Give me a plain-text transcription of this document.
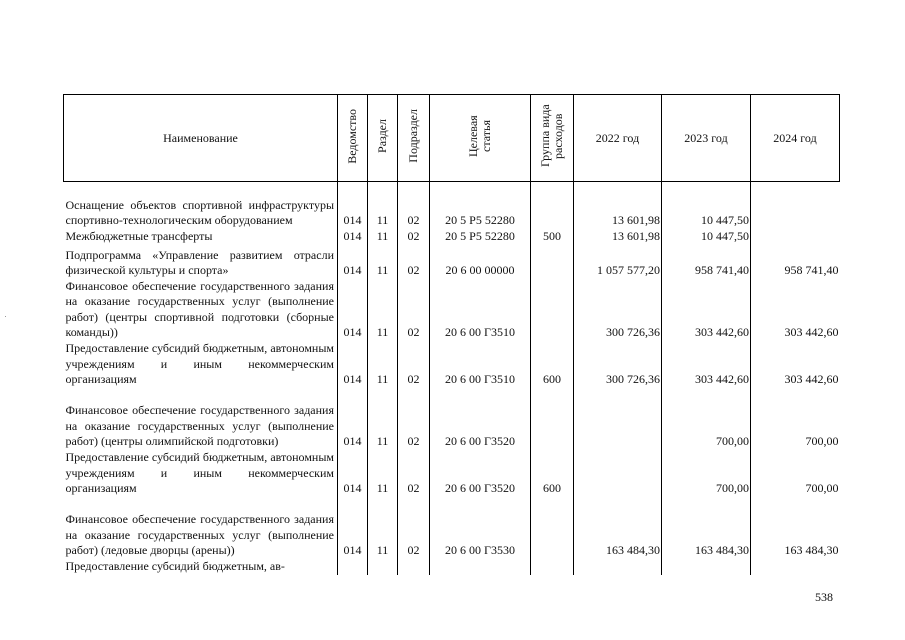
Наименование	Ведомство	Раздел	Подраздел	Целевая статья	Группа вида расходов	2022 год	2023 год	2024 год
Оснащение объектов спортивной инфраструктуры спортивно-технологическим оборудованием	014	11	02	20 5 P5 52280		13 601,98	10 447,50	
Межбюджетные трансферты	014	11	02	20 5 P5 52280	500	13 601,98	10 447,50	
Подпрограмма «Управление развитием отрасли физической культуры и спорта»	014	11	02	20 6 00 00000		1 057 577,20	958 741,40	958 741,40
Финансовое обеспечение государственного задания на оказание государственных услуг (выполнение работ) (центры спортивной подготовки (сборные команды))	014	11	02	20 6 00 Г3510		300 726,36	303 442,60	303 442,60
Предоставление субсидий бюджетным, автономным учреждениям и иным некоммерческим организациям	014	11	02	20 6 00 Г3510	600	300 726,36	303 442,60	303 442,60
Финансовое обеспечение государственного задания на оказание государственных услуг (выполнение работ) (центры олимпийской подготовки)	014	11	02	20 6 00 Г3520			700,00	700,00
Предоставление субсидий бюджетным, автономным учреждениям и иным некоммерческим организациям	014	11	02	20 6 00 Г3520	600		700,00	700,00
Финансовое обеспечение государственного задания на оказание государственных услуг (выполнение работ) (ледовые дворцы (арены))	014	11	02	20 6 00 Г3530		163 484,30	163 484,30	163 484,30
Предоставление субсидий бюджетным, ав-								
538
